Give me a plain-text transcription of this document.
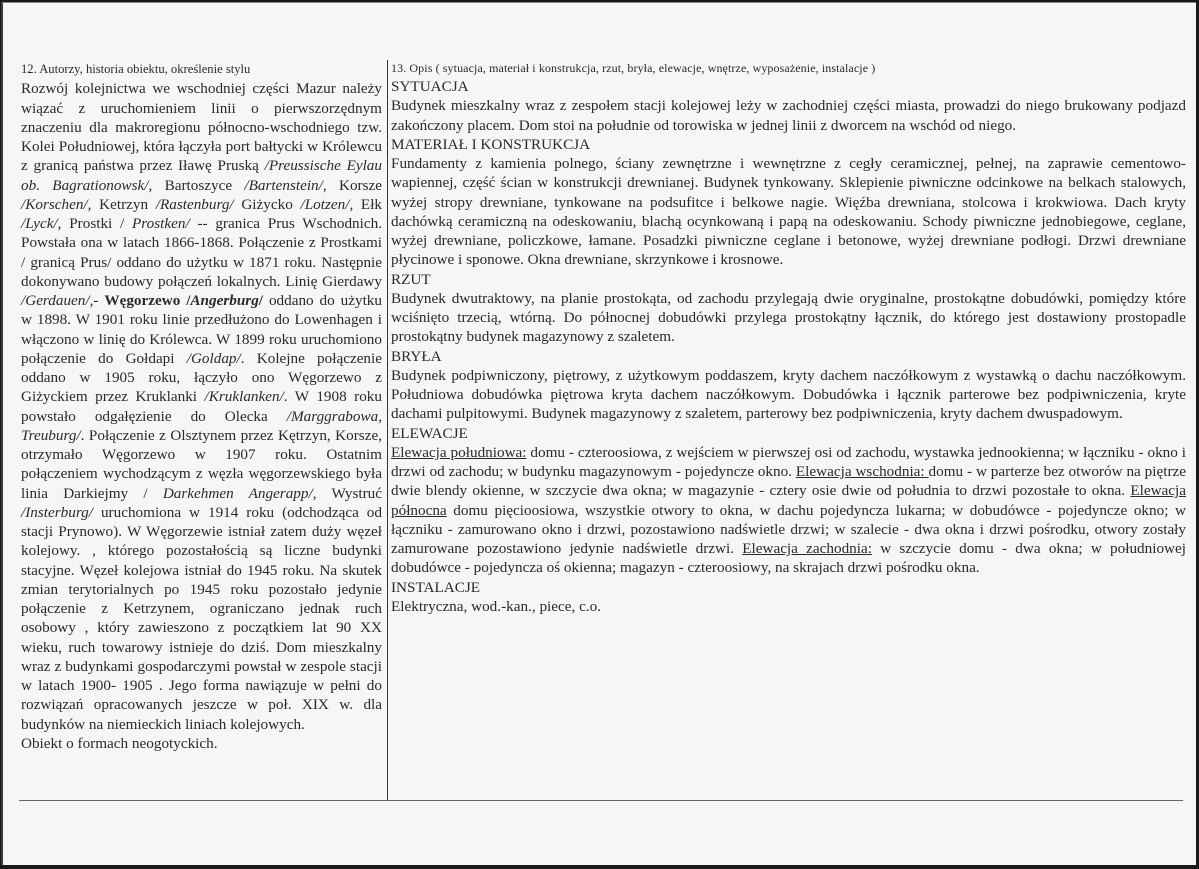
12. Autorzy, historia obiektu, określenie stylu

Rozwój kolejnictwa we wschodniej części Mazur należy wiązać z uruchomieniem linii o pierwszorzędnym znaczeniu dla makroregionu północno-wschodniego tzw. Kolei Południowej, która łączyła port bałtycki w Królewcu z granicą państwa przez Iławę Pruską /Preussische Eylau ob. Bagrationowsk/, Bartoszyce /Bartenstein/, Korsze /Korschen/, Ketrzyn /Rastenburg/ Giżycko /Lotzen/, Ełk /Lyck/, Prostki / Prostken/ -- granica Prus Wschodnich. Powstała ona w latach 1866-1868. Połączenie z Prostkami / granicą Prus/ oddano do użytku w 1871 roku. Następnie dokonywano budowy połączeń lokalnych. Linię Gierdawy /Gerdauen/,- Węgorzewo /Angerburg/ oddano do użytku w 1898. W 1901 roku linie przedłużono do Lowenhagen i włączono w linię do Królewca. W 1899 roku uruchomiono połączenie do Gołdapi /Goldap/. Kolejne połączenie oddano w 1905 roku, łączyło ono Węgorzewo z Giżyckiem przez Kruklanki /Kruklanken/. W 1908 roku powstało odgałęzienie do Olecka /Marggrabowa, Treuburg/. Połączenie z Olsztynem przez Kętrzyn, Korsze, otrzymało Węgorzewo w 1907 roku. Ostatnim połączeniem wychodzącym z węzła węgorzewskiego była linia Darkiejmy / Darkehmen Angerapp/, Wystruć /Insterburg/ uruchomiona w 1914 roku (odchodząca od stacji Prynowo). W Węgorzewie istniał zatem duży węzeł kolejowy. , którego pozostałością są liczne budynki stacyjne. Węzeł kolejowa istniał do 1945 roku. Na skutek zmian terytorialnych po 1945 roku pozostało jedynie połączenie z Ketrzynem, ograniczano jednak ruch osobowy , który zawieszono z początkiem lat 90 XX wieku, ruch towarowy istnieje do dziś. Dom mieszkalny wraz z budynkami gospodarczymi powstał w zespole stacji w latach 1900- 1905 . Jego forma nawiązuje w pełni do rozwiązań opracowanych jeszcze w poł. XIX w. dla budynków na niemieckich liniach kolejowych.

Obiekt o formach neogotyckich.

13. Opis ( sytuacja, materiał i konstrukcja, rzut, bryła, elewacje, wnętrze, wyposażenie, instalacje )

SYTUACJA

Budynek mieszkalny wraz z zespołem stacji kolejowej leży w zachodniej części miasta, prowadzi do niego brukowany podjazd zakończony placem. Dom stoi na południe od torowiska w jednej linii z dworcem na wschód od niego.

MATERIAŁ I KONSTRUKCJA

Fundamenty z kamienia polnego, ściany zewnętrzne i wewnętrzne z cegły ceramicznej, pełnej, na zaprawie cementowo-wapiennej, część ścian w konstrukcji drewnianej. Budynek tynkowany. Sklepienie piwniczne odcinkowe na belkach stalowych, wyżej stropy drewniane, tynkowane na podsufitce i belkowe nagie. Więźba drewniana, stolcowa i krokwiowa. Dach kryty dachówką ceramiczną na odeskowaniu, blachą ocynkowaną i papą na odeskowaniu. Schody piwniczne jednobiegowe, ceglane, wyżej drewniane, policzkowe, łamane. Posadzki piwniczne ceglane i betonowe, wyżej drewniane podłogi. Drzwi drewniane płycinowe i sponowe. Okna drewniane, skrzynkowe i krosnowe.

RZUT

Budynek dwutraktowy, na planie prostokąta, od zachodu przylegają dwie oryginalne, prostokątne dobudówki, pomiędzy które wciśnięto trzecią, wtórną. Do północnej dobudówki przylega prostokątny łącznik, do którego jest dostawiony prostopadle prostokątny budynek magazynowy z szaletem.

BRYŁA

Budynek podpiwniczony, piętrowy, z użytkowym poddaszem, kryty dachem naczółkowym z wystawką o dachu naczółkowym. Południowa dobudówka piętrowa kryta dachem naczółkowym. Dobudówka i łącznik parterowe bez podpiwniczenia, kryte dachami pulpitowymi. Budynek magazynowy z szaletem, parterowy bez podpiwniczenia, kryty dachem dwuspadowym.

ELEWACJE

Elewacja południowa: domu - czteroosiowa, z wejściem w pierwszej osi od zachodu, wystawka jednookienna; w łączniku - okno i drzwi od zachodu; w budynku magazynowym - pojedyncze okno. Elewacja wschodnia: domu - w parterze bez otworów na piętrze dwie blendy okienne, w szczycie dwa okna; w magazynie - cztery osie dwie od południa to drzwi pozostałe to okna. Elewacja północna domu pięcioosiowa, wszystkie otwory to okna, w dachu pojedyncza lukarna; w dobudówce - pojedyncze okno; w łączniku - zamurowano okno i drzwi, pozostawiono nadświetle drzwi; w szalecie - dwa okna i drzwi pośrodku, otwory zostały zamurowane pozostawiono jedynie nadświetle drzwi. Elewacja zachodnia: w szczycie domu - dwa okna; w południowej dobudówce - pojedyncza oś okienna; magazyn - czteroosiowy, na skrajach drzwi pośrodku okna.

INSTALACJE

Elektryczna, wod.-kan., piece, c.o.
